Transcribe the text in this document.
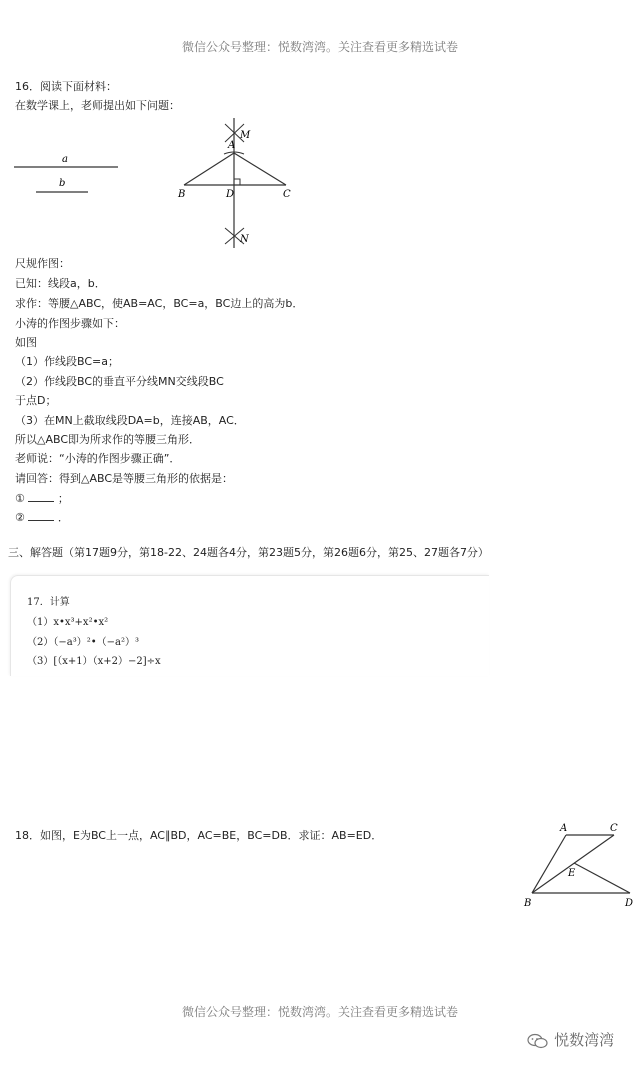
微信公众号整理：悦数湾湾。关注查看更多精选试卷
16．阅读下面材料：
在数学课上，老师提出如下问题：
a
b
M
A
B	D	C
N
尺规作图：
已知：线段a，b．
求作：等腰△ABC，使AB=AC，BC=a，BC边上的高为b．
小涛的作图步骤如下：
如图
（1）作线段BC=a；
（2）作线段BC的垂直平分线MN交线段BC
于点D；
（3）在MN上截取线段DA=b，连接AB，AC．
所以△ABC即为所求作的等腰三角形．
老师说：“小涛的作图步骤正确”．
请回答：得到△ABC是等腰三角形的依据是：
①	；
②	．
三、解答题（第17题9分，第18-22、24题各4分，第23题5分，第26题6分，第25、27题各7分）
17．计算
（1）x•x³+x²•x²
（2）（−a³）²•（−a²）³
（3）[（x+1）（x+2）−2]÷x
18．如图，E为BC上一点，AC∥BD，AC=BE，BC=DB．求证：AB=ED．
A	C
E
B	D
微信公众号整理：悦数湾湾。关注查看更多精选试卷
悦数湾湾
